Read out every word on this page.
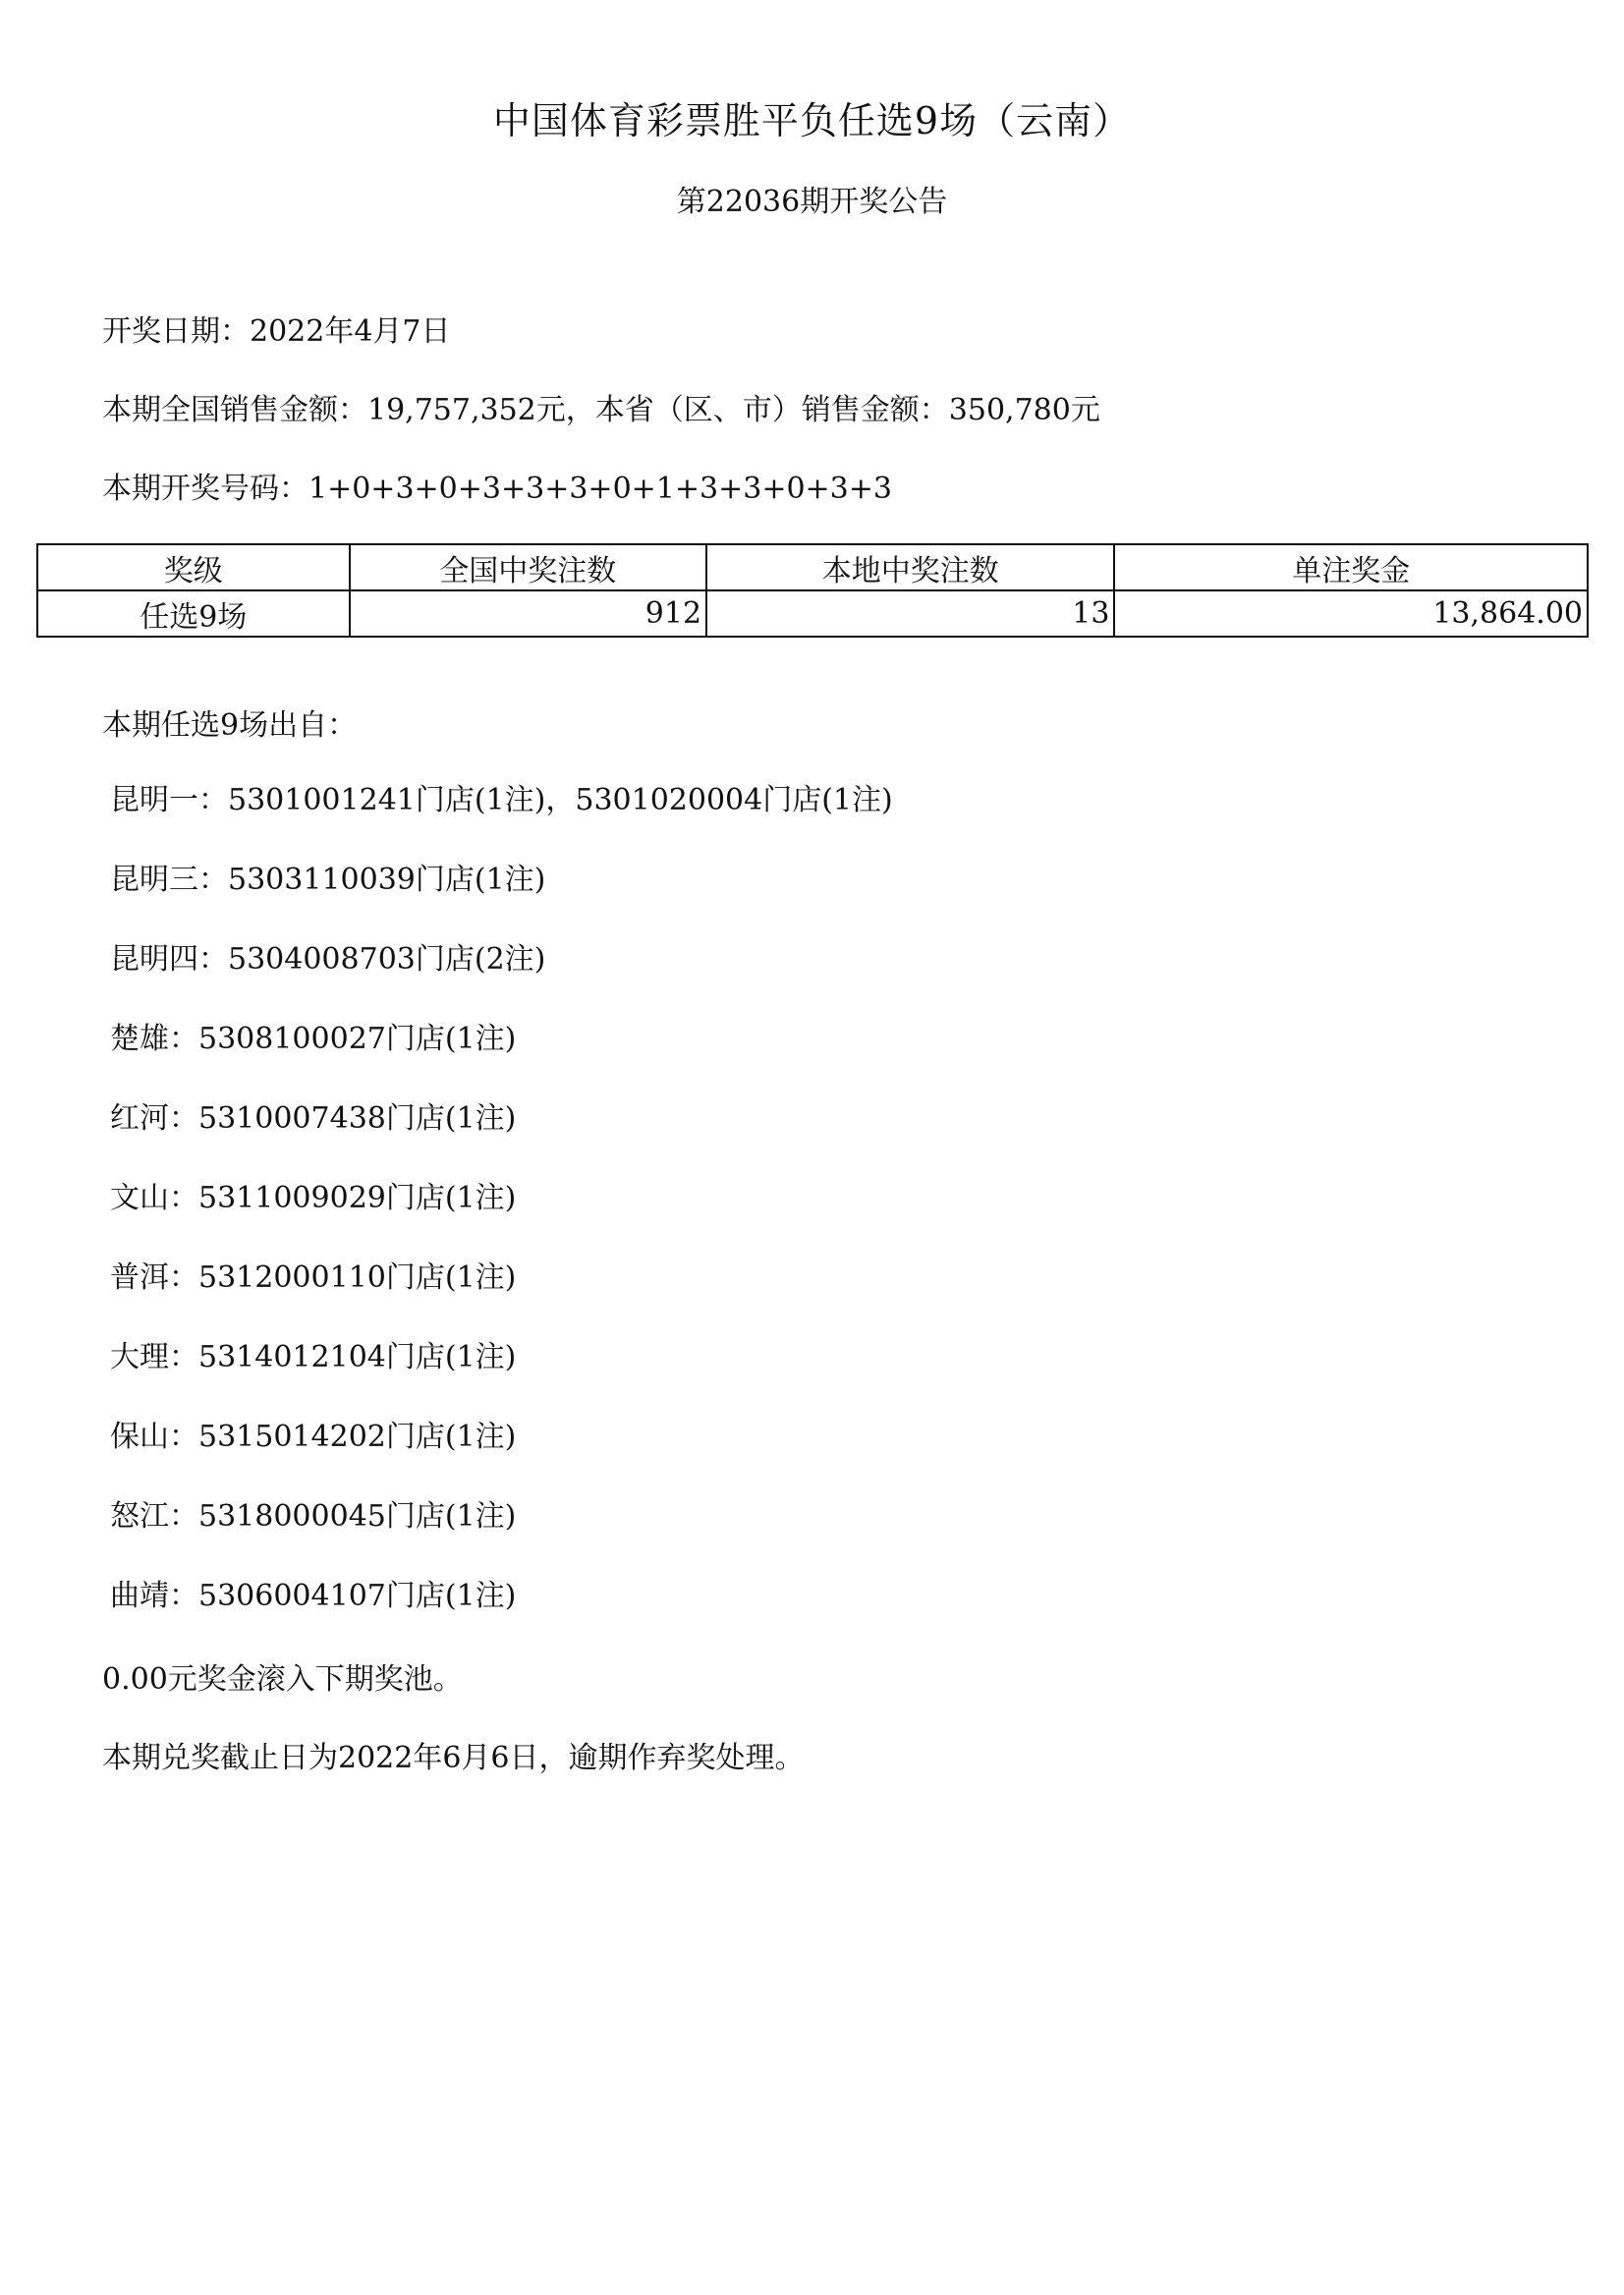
中国体育彩票胜平负任选9场（云南）
第22036期开奖公告
开奖日期：2022年4月7日
本期全国销售金额：19,757,352元，本省（区、市）销售金额：350,780元
本期开奖号码：1+0+3+0+3+3+3+0+1+3+3+0+3+3
奖级	全国中奖注数	本地中奖注数	单注奖金
任选9场	912	13	13,864.00
本期任选9场出自：
昆明一：5301001241门店(1注)，5301020004门店(1注)
昆明三：5303110039门店(1注)
昆明四：5304008703门店(2注)
楚雄：5308100027门店(1注)
红河：5310007438门店(1注)
文山：5311009029门店(1注)
普洱：5312000110门店(1注)
大理：5314012104门店(1注)
保山：5315014202门店(1注)
怒江：5318000045门店(1注)
曲靖：5306004107门店(1注)
0.00元奖金滚入下期奖池。
本期兑奖截止日为2022年6月6日，逾期作弃奖处理。
